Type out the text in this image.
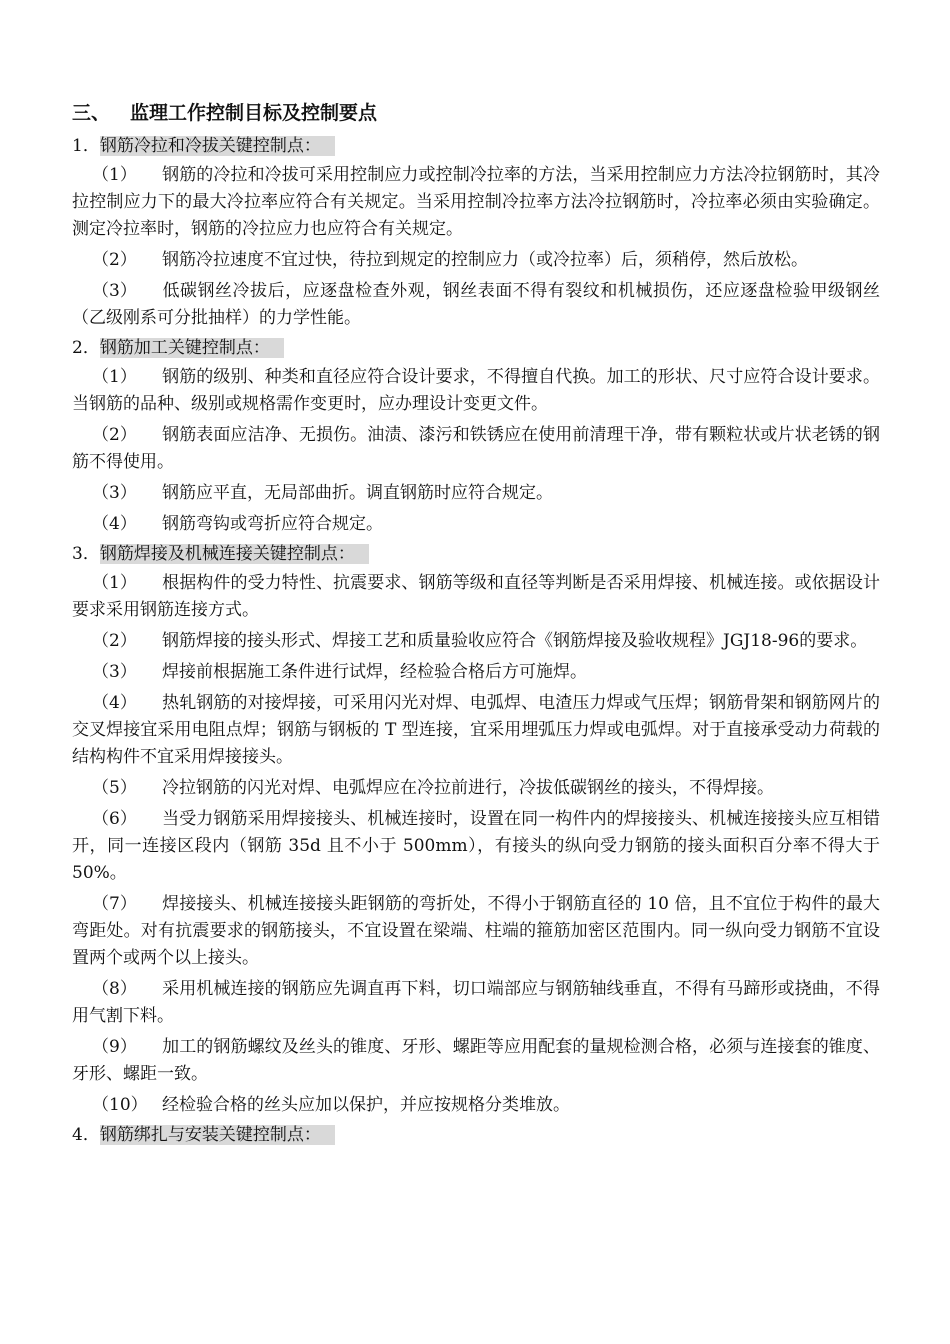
三、 监理工作控制目标及控制要点
1．钢筋冷拉和冷拔关键控制点：
（1） 钢筋的冷拉和冷拔可采用控制应力或控制冷拉率的方法，当采用控制应力方法冷拉钢筋时，其冷拉控制应力下的最大冷拉率应符合有关规定。当采用控制冷拉率方法冷拉钢筋时，冷拉率必须由实验确定。测定冷拉率时，钢筋的冷拉应力也应符合有关规定。
（2） 钢筋冷拉速度不宜过快，待拉到规定的控制应力（或冷拉率）后，须稍停，然后放松。
（3） 低碳钢丝冷拔后，应逐盘检查外观，钢丝表面不得有裂纹和机械损伤，还应逐盘检验甲级钢丝（乙级刚系可分批抽样）的力学性能。
2．钢筋加工关键控制点：
（1） 钢筋的级别、种类和直径应符合设计要求，不得擅自代换。加工的形状、尺寸应符合设计要求。当钢筋的品种、级别或规格需作变更时，应办理设计变更文件。
（2） 钢筋表面应洁净、无损伤。油渍、漆污和铁锈应在使用前清理干净，带有颗粒状或片状老锈的钢筋不得使用。
（3） 钢筋应平直，无局部曲折。调直钢筋时应符合规定。
（4） 钢筋弯钩或弯折应符合规定。
3．钢筋焊接及机械连接关键控制点：
（1） 根据构件的受力特性、抗震要求、钢筋等级和直径等判断是否采用焊接、机械连接。或依据设计要求采用钢筋连接方式。
（2） 钢筋焊接的接头形式、焊接工艺和质量验收应符合《钢筋焊接及验收规程》JGJ18-96的要求。
（3） 焊接前根据施工条件进行试焊，经检验合格后方可施焊。
（4） 热轧钢筋的对接焊接，可采用闪光对焊、电弧焊、电渣压力焊或气压焊；钢筋骨架和钢筋网片的交叉焊接宜采用电阻点焊；钢筋与钢板的 T 型连接，宜采用埋弧压力焊或电弧焊。对于直接承受动力荷载的结构构件不宜采用焊接接头。
（5） 冷拉钢筋的闪光对焊、电弧焊应在冷拉前进行，冷拔低碳钢丝的接头，不得焊接。
（6） 当受力钢筋采用焊接接头、机械连接时，设置在同一构件内的焊接接头、机械连接接头应互相错开，同一连接区段内（钢筋 35d 且不小于 500mm），有接头的纵向受力钢筋的接头面积百分率不得大于 50%。
（7） 焊接接头、机械连接接头距钢筋的弯折处，不得小于钢筋直径的 10 倍，且不宜位于构件的最大弯距处。对有抗震要求的钢筋接头，不宜设置在梁端、柱端的箍筋加密区范围内。同一纵向受力钢筋不宜设置两个或两个以上接头。
（8） 采用机械连接的钢筋应先调直再下料，切口端部应与钢筋轴线垂直，不得有马蹄形或挠曲，不得用气割下料。
（9） 加工的钢筋螺纹及丝头的锥度、牙形、螺距等应用配套的量规检测合格，必须与连接套的锥度、牙形、螺距一致。
（10） 经检验合格的丝头应加以保护，并应按规格分类堆放。
4．钢筋绑扎与安装关键控制点：
